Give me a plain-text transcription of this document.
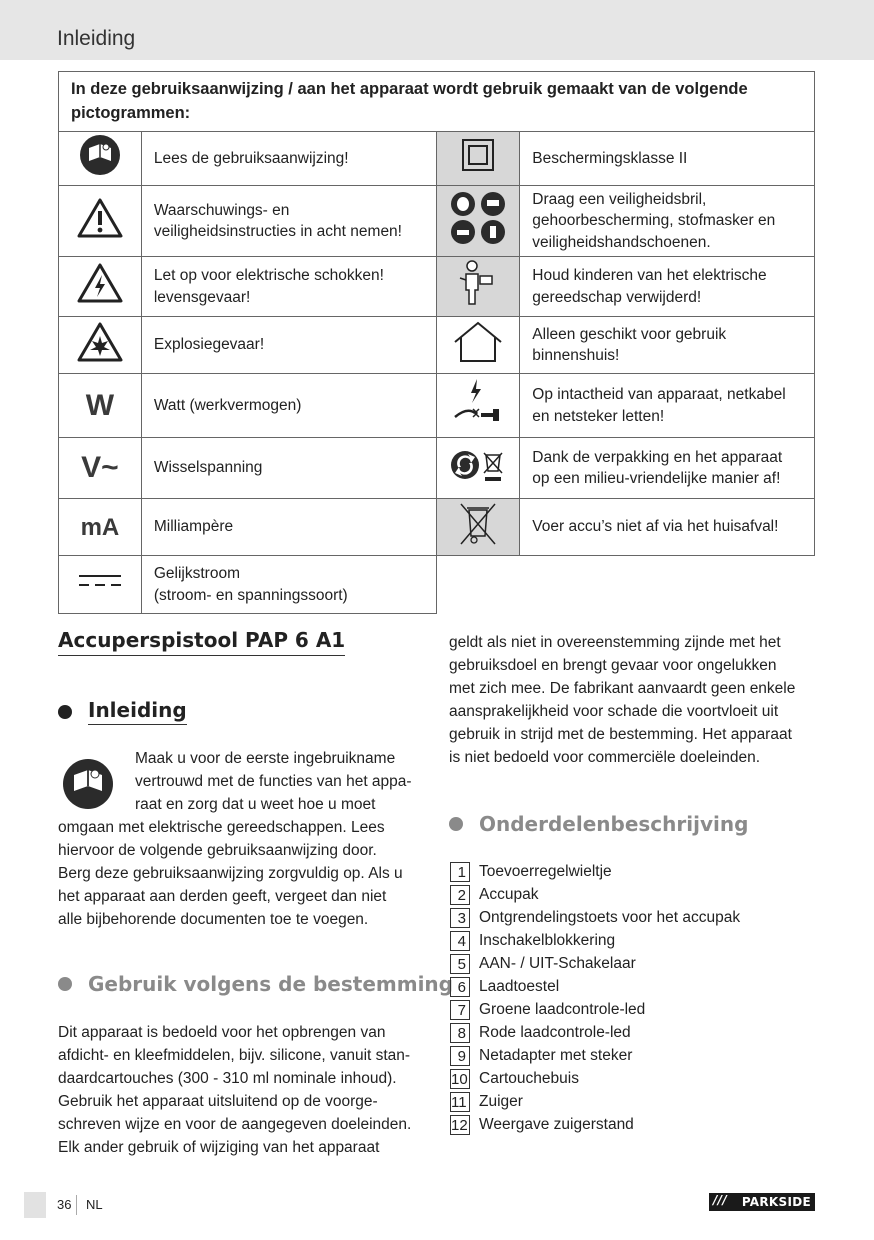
Inleiding
In deze gebruiksaanwijzing / aan het apparaat wordt gebruik gemaakt van de volgende pictogrammen:			
	Lees de gebruiksaanwijzing!		Beschermingsklasse II
	Waarschuwings- en veiligheidsinstructies in acht nemen!		Draag een veiligheidsbril, gehoorbescherming, stofmasker en veiligheidshandschoenen.
	Let op voor elektrische schokken! levensgevaar!		Houd kinderen van het elektrische gereedschap verwijderd!
	Explosiegevaar!		Alleen geschikt voor gebruik binnenshuis!
W	Watt (werkvermogen)		Op intactheid van apparaat, netkabel en netsteker letten!
V~	Wisselspanning		Dank de verpakking en het apparaat op een milieu-vriendelijke manier af!
mA	Milliampère		Voer accu’s niet af via het huisafval!

Gelijkstroom
(stroom- en spanningssoort)		

Accuperspistool PAP 6 A1
Inleiding
Maak u voor de eerste ingebruikname
vertrouwd met de functies van het appa-
raat en zorg dat u weet hoe u moet
omgaan met elektrische gereedschappen. Lees
hiervoor de volgende gebruiksaanwijzing door.
Berg deze gebruiksaanwijzing zorgvuldig op. Als u
het apparaat aan derden geeft, vergeet dan niet
alle bijbehorende documenten toe te voegen.
Gebruik volgens de bestemming
Dit apparaat is bedoeld voor het opbrengen van
afdicht- en kleefmiddelen, bijv. silicone, vanuit stan-
daardcartouches (300 - 310 ml nominale inhoud).
Gebruik het apparaat uitsluitend op de voorge-
schreven wijze en voor de aangegeven doeleinden.
Elk ander gebruik of wijziging van het apparaat
geldt als niet in overeenstemming zijnde met het
gebruiksdoel en brengt gevaar voor ongelukken
met zich mee. De fabrikant aanvaardt geen enkele
aansprakelijkheid voor schade die voortvloeit uit
gebruik in strijd met de bestemming. Het apparaat
is niet bedoeld voor commerciële doeleinden.
Onderdelenbeschrijving
1 Toevoerregelwieltje
2 Accupak
3 Ontgrendelingstoets voor het accupak
4 Inschakelblokkering
5 AAN- / UIT-Schakelaar
6 Laadtoestel
7 Groene laadcontrole-led
8 Rode laadcontrole-led
9 Netadapter met steker
10 Cartouchebuis
11 Zuiger
12 Weergave zuigerstand
36 NL	/// PARKSIDE
